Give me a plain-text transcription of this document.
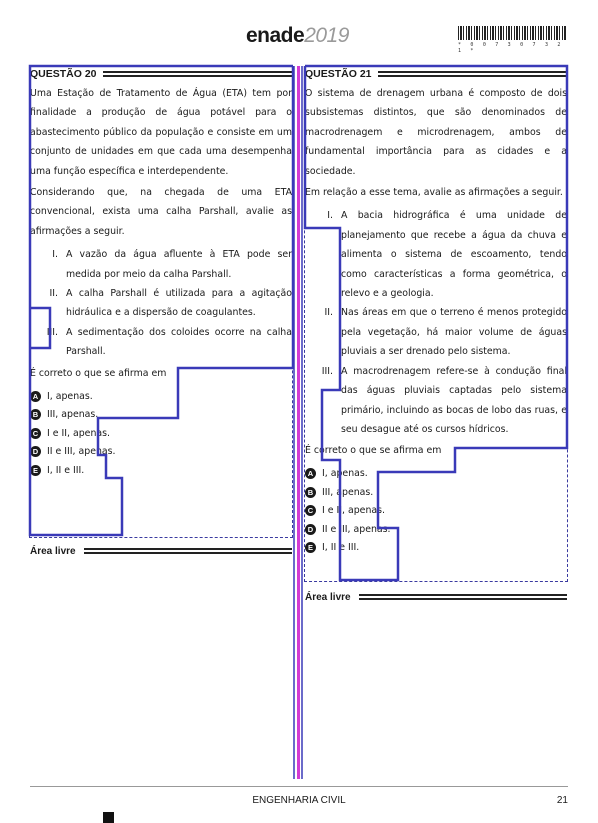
enade2019	* 0 0 7 3 0 7 3 2 1 *
QUESTÃO 20

Uma Estação de Tratamento de Água (ETA) tem por finalidade a produção de água potável para o abastecimento público da população e consiste em um conjunto de unidades em que cada uma desempenha uma função específica e interdependente.

Considerando que, na chegada de uma ETA convencional, exista uma calha Parshall, avalie as afirmações a seguir.

I. A vazão da água afluente à ETA pode ser medida por meio da calha Parshall.
II. A calha Parshall é utilizada para a agitação hidráulica e a dispersão de coagulantes.
III. A sedimentação dos coloides ocorre na calha Parshall.

É correto o que se afirma em

A I, apenas.
B III, apenas.
C I e II, apenas.
D II e III, apenas.
E I, II e III.
Área livre
QUESTÃO 21

O sistema de drenagem urbana é composto de dois subsistemas distintos, que são denominados de macrodrenagem e microdrenagem, ambos de fundamental importância para as cidades e a sociedade.

Em relação a esse tema, avalie as afirmações a seguir.

I. A bacia hidrográfica é uma unidade de planejamento que recebe a água da chuva e alimenta o sistema de escoamento, tendo como características a forma geométrica, o relevo e a geologia.
II. Nas áreas em que o terreno é menos protegido pela vegetação, há maior volume de águas pluviais a ser drenado pelo sistema.
III. A macrodrenagem refere-se à condução final das águas pluviais captadas pelo sistema primário, incluindo as bocas de lobo das ruas, e seu desague até os cursos hídricos.

É correto o que se afirma em

A I, apenas.
B III, apenas.
C I e II, apenas.
D II e III, apenas.
E I, II e III.
Área livre
ENGENHARIA CIVIL	21
